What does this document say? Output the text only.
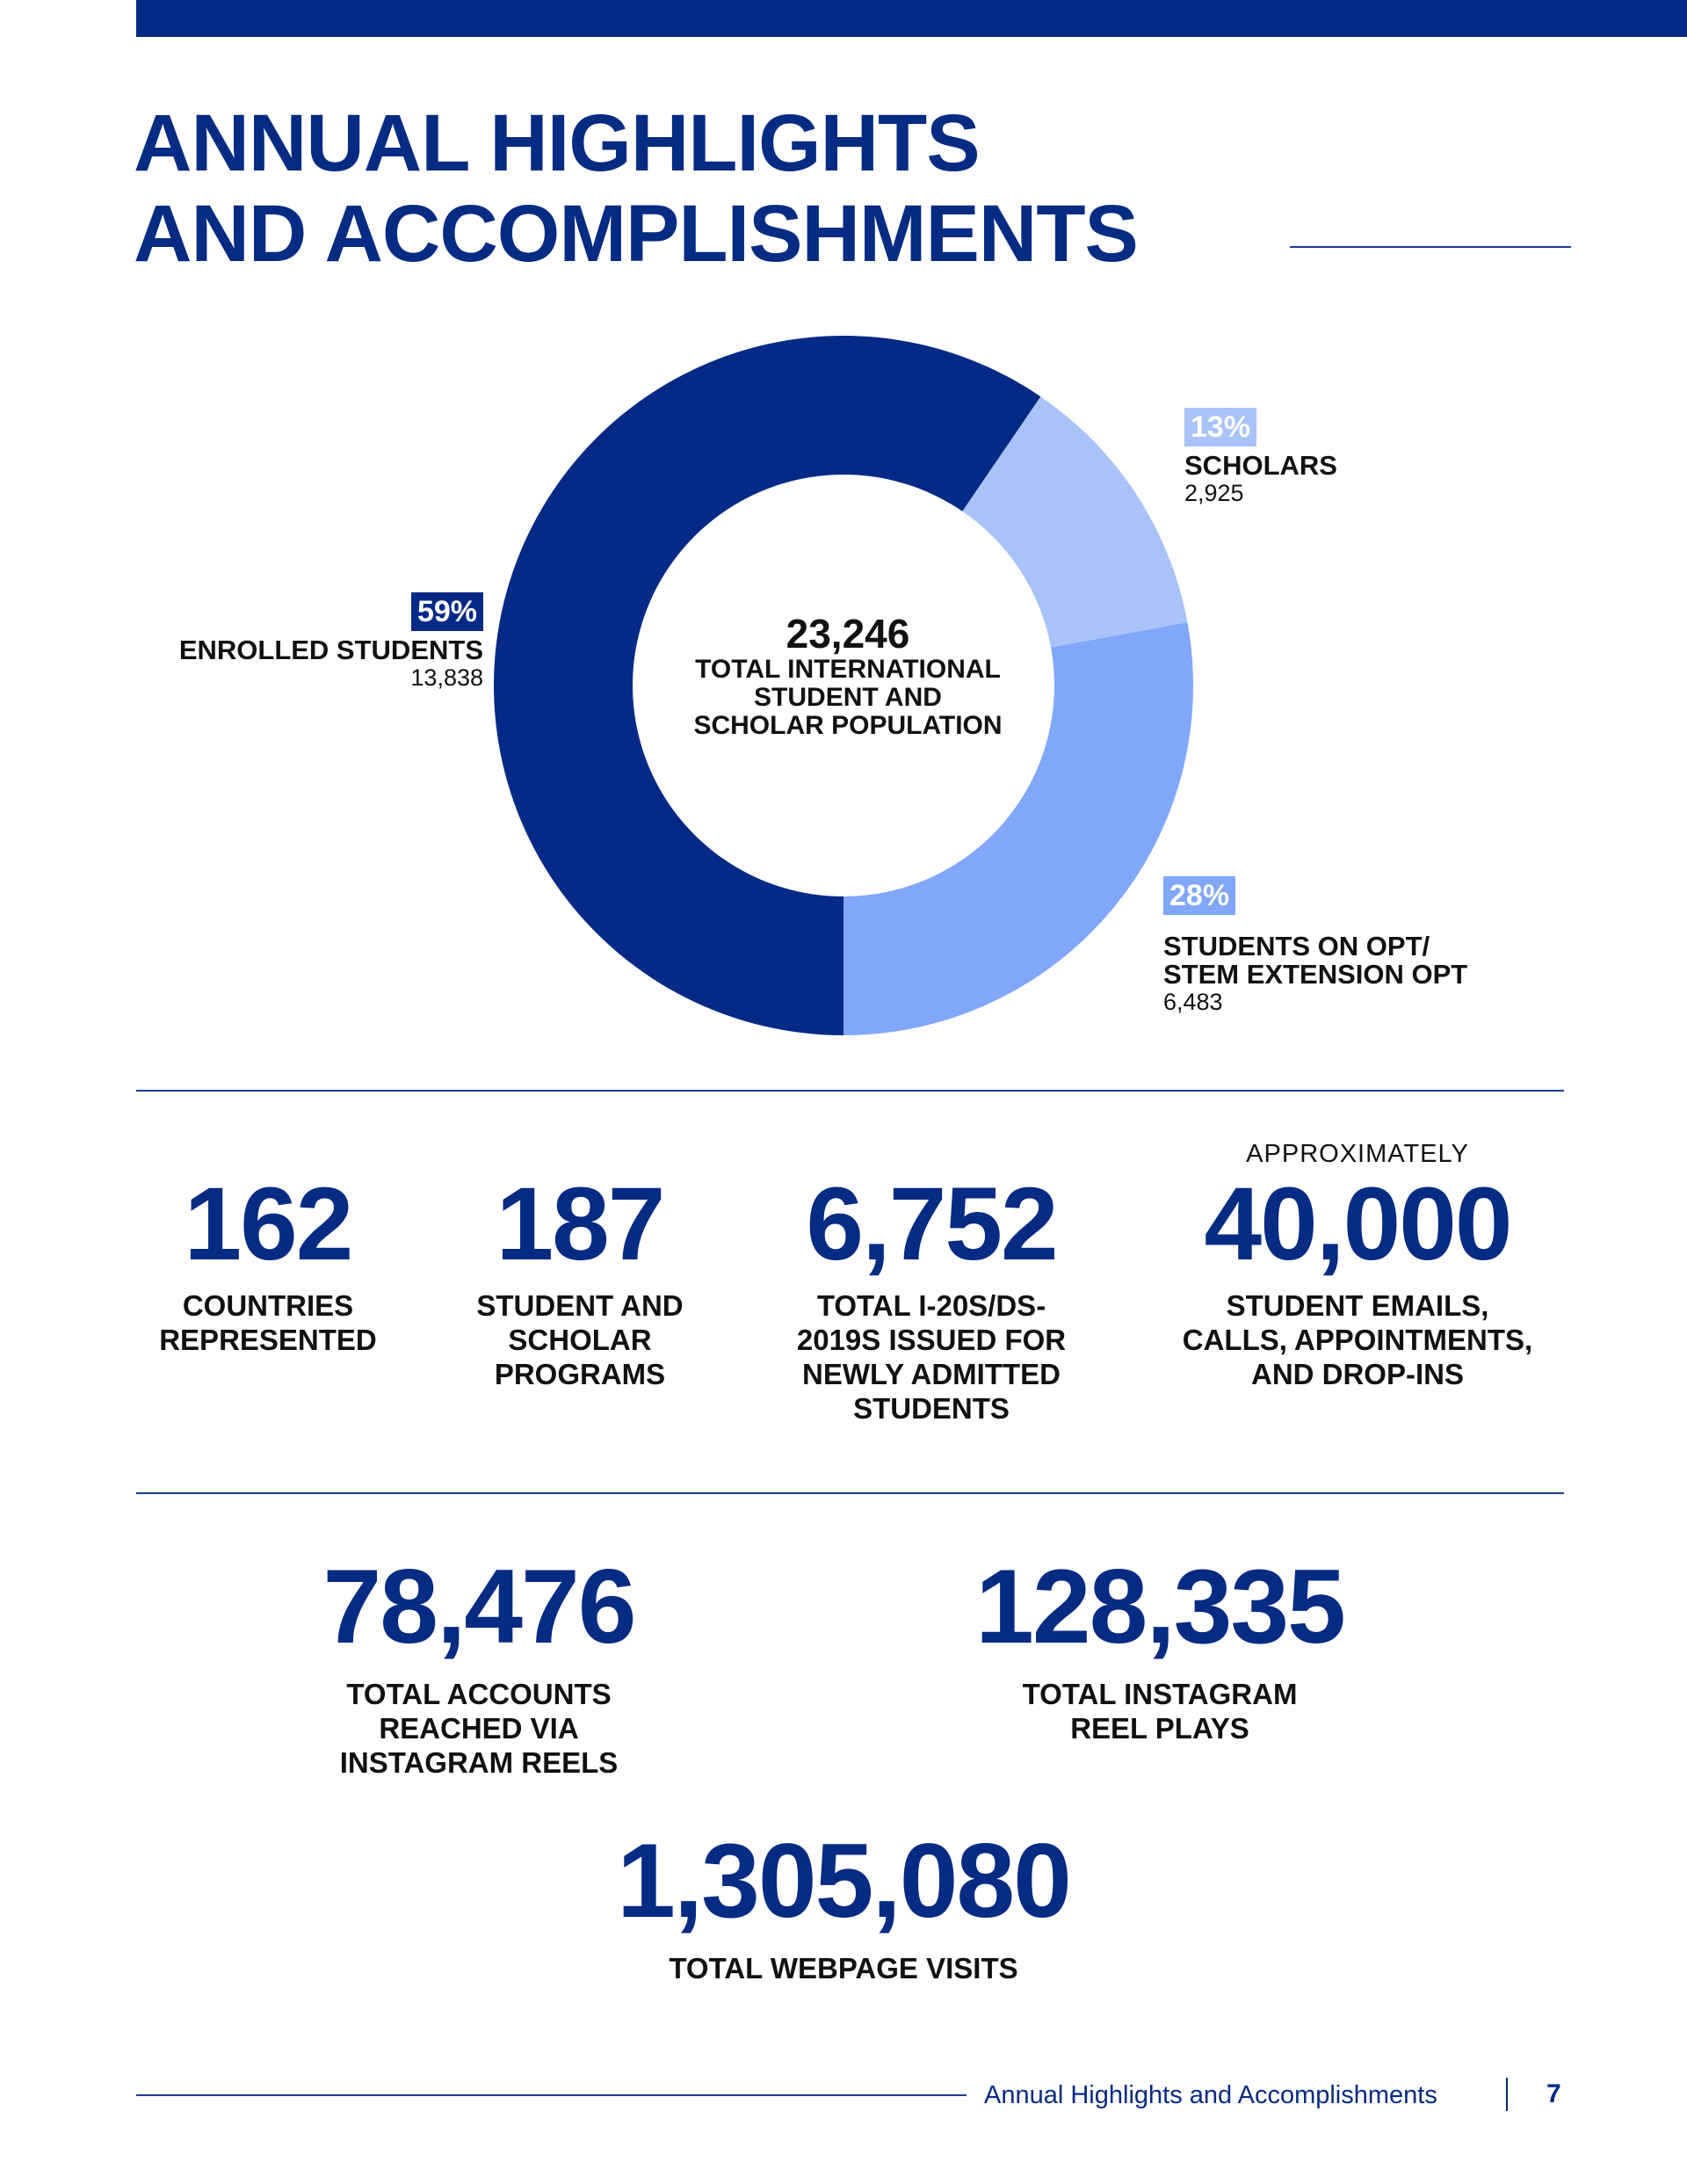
ANNUAL HIGHLIGHTS
AND ACCOMPLISHMENTS
23,246
TOTAL INTERNATIONAL
STUDENT AND
SCHOLAR POPULATION
59%
ENROLLED STUDENTS
13,838
13%
SCHOLARS
2,925
28%
STUDENTS ON OPT/
STEM EXTENSION OPT
6,483
162
COUNTRIES
REPRESENTED
187
STUDENT AND
SCHOLAR
PROGRAMS
6,752
TOTAL I-20S/DS-
2019S ISSUED FOR
NEWLY ADMITTED
STUDENTS
APPROXIMATELY
40,000
STUDENT EMAILS,
CALLS, APPOINTMENTS,
AND DROP-INS
78,476
TOTAL ACCOUNTS
REACHED VIA
INSTAGRAM REELS
128,335
TOTAL INSTAGRAM
REEL PLAYS
1,305,080
TOTAL WEBPAGE VISITS
Annual Highlights and Accomplishments	7
